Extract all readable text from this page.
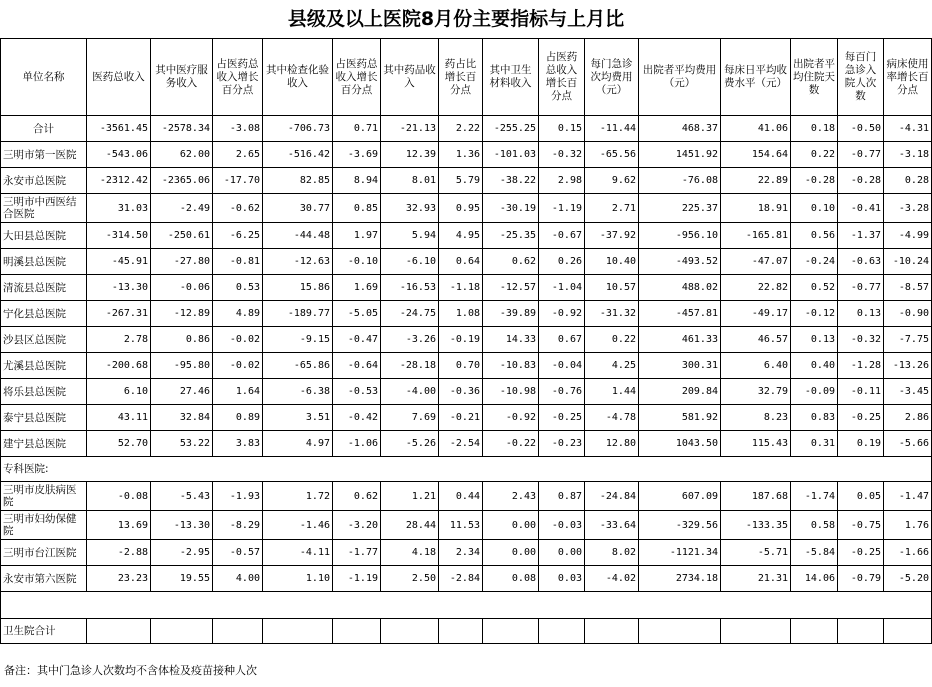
县级及以上医院8月份主要指标与上月比
单位名称	医药总收入	其中医疗服务收入	占医药总收入增长百分点	其中检查化验收入	占医药总收入增长百分点	其中药品收入	药占比增长百分点	其中卫生材料收入	占医药总收入增长百分点	每门急诊次均费用（元）	出院者平均费用（元）	每床日平均收费水平（元）	出院者平均住院天数	每百门急诊入院人次数	病床使用率增长百分点
合计	-3561.45	-2578.34	-3.08	-706.73	0.71	-21.13	2.22	-255.25	0.15	-11.44	468.37	41.06	0.18	-0.50	-4.31
三明市第一医院	-543.06	62.00	2.65	-516.42	-3.69	12.39	1.36	-101.03	-0.32	-65.56	1451.92	154.64	0.22	-0.77	-3.18
永安市总医院	-2312.42	-2365.06	-17.70	82.85	8.94	8.01	5.79	-38.22	2.98	9.62	-76.08	22.89	-0.28	-0.28	0.28
三明市中西医结合医院	31.03	-2.49	-0.62	30.77	0.85	32.93	0.95	-30.19	-1.19	2.71	225.37	18.91	0.10	-0.41	-3.28
大田县总医院	-314.50	-250.61	-6.25	-44.48	1.97	5.94	4.95	-25.35	-0.67	-37.92	-956.10	-165.81	0.56	-1.37	-4.99
明溪县总医院	-45.91	-27.80	-0.81	-12.63	-0.10	-6.10	0.64	0.62	0.26	10.40	-493.52	-47.07	-0.24	-0.63	-10.24
清流县总医院	-13.30	-0.06	0.53	15.86	1.69	-16.53	-1.18	-12.57	-1.04	10.57	488.02	22.82	0.52	-0.77	-8.57
宁化县总医院	-267.31	-12.89	4.89	-189.77	-5.05	-24.75	1.08	-39.89	-0.92	-31.32	-457.81	-49.17	-0.12	0.13	-0.90
沙县区总医院	2.78	0.86	-0.02	-9.15	-0.47	-3.26	-0.19	14.33	0.67	0.22	461.33	46.57	0.13	-0.32	-7.75
尤溪县总医院	-200.68	-95.80	-0.02	-65.86	-0.64	-28.18	0.70	-10.83	-0.04	4.25	300.31	6.40	0.40	-1.28	-13.26
将乐县总医院	6.10	27.46	1.64	-6.38	-0.53	-4.00	-0.36	-10.98	-0.76	1.44	209.84	32.79	-0.09	-0.11	-3.45
泰宁县总医院	43.11	32.84	0.89	3.51	-0.42	7.69	-0.21	-0.92	-0.25	-4.78	581.92	8.23	0.83	-0.25	2.86
建宁县总医院	52.70	53.22	3.83	4.97	-1.06	-5.26	-2.54	-0.22	-0.23	12.80	1043.50	115.43	0.31	0.19	-5.66
专科医院:															
三明市皮肤病医院	-0.08	-5.43	-1.93	1.72	0.62	1.21	0.44	2.43	0.87	-24.84	607.09	187.68	-1.74	0.05	-1.47
三明市妇幼保健院	13.69	-13.30	-8.29	-1.46	-3.20	28.44	11.53	0.00	-0.03	-33.64	-329.56	-133.35	0.58	-0.75	1.76
三明市台江医院	-2.88	-2.95	-0.57	-4.11	-1.77	4.18	2.34	0.00	0.00	8.02	-1121.34	-5.71	-5.84	-0.25	-1.66
永安市第六医院	23.23	19.55	4.00	1.10	-1.19	2.50	-2.84	0.08	0.03	-4.02	2734.18	21.31	14.06	-0.79	-5.20

卫生院合计															
备注：其中门急诊人次数均不含体检及疫苗接种人次
